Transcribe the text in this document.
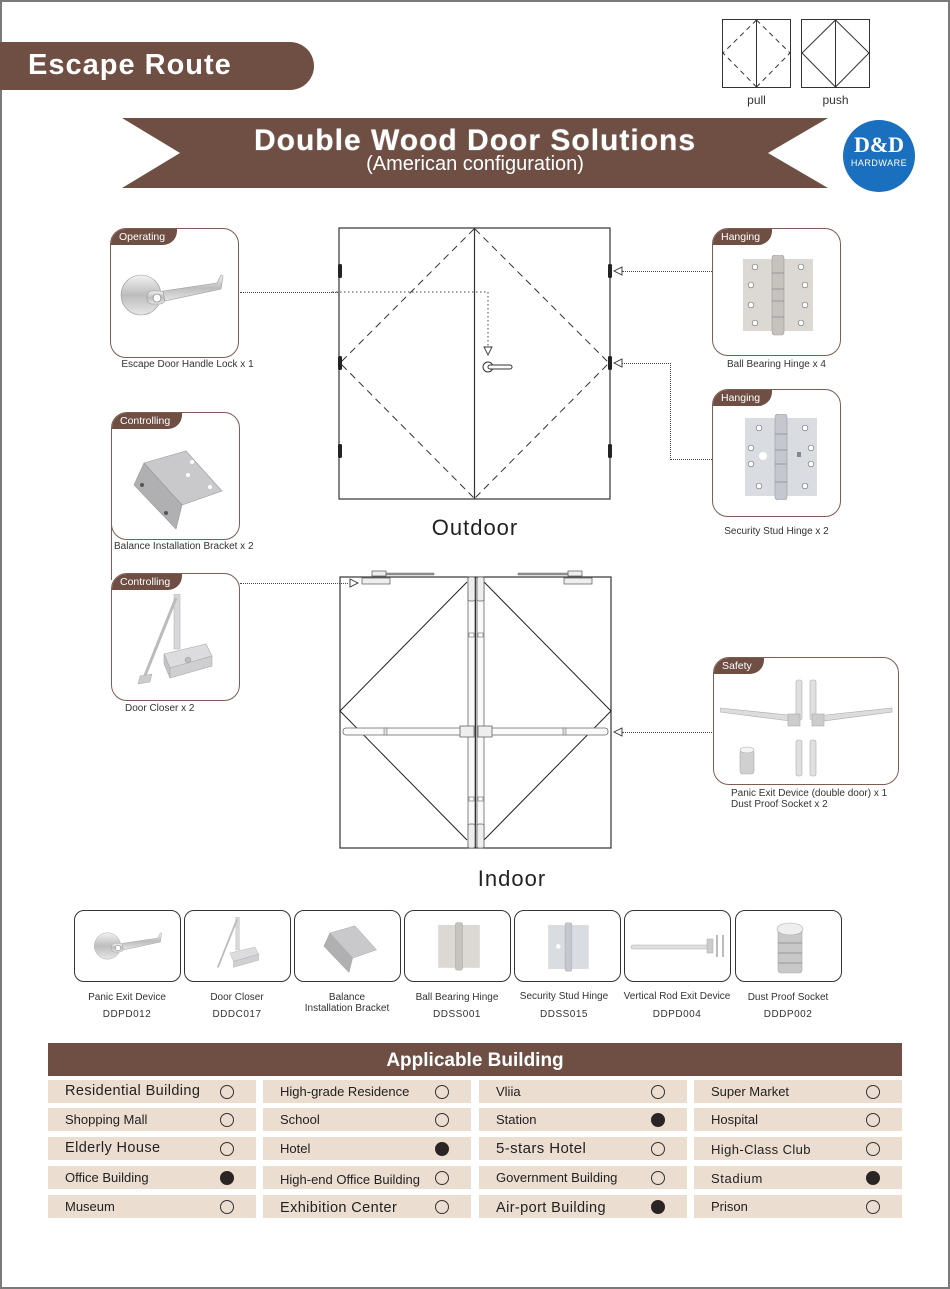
Escape Route
pull	push
Double Wood Door Solutions
(American configuration)
D&D
HARDWARE
Outdoor
Indoor
Operating
Escape Door Handle Lock x 1
Controlling
Balance Installation Bracket x 2
Controlling
Door Closer x 2
Hanging
Ball Bearing Hinge x 4
Hanging
Security Stud Hinge x 2
Safety
Panic Exit Device (double door) x 1
Dust Proof Socket x 2
Panic Exit Device
DDPD012
Door Closer
DDDC017
Balance
Installation Bracket
Ball Bearing Hinge
DDSS001
Security Stud Hinge
DDSS015
Vertical Rod Exit Device
DDPD004
Dust Proof Socket
DDDP002
Applicable Building
Residential Building
Shopping Mall
Elderly House
Office Building
Museum
High-grade Residence
School
Hotel
High-end Office Building
Exhibition Center
Vliia
Station
5-stars Hotel
Government Building
Air-port Building
Super Market
Hospital
High-Class Club
Stadium
Prison
